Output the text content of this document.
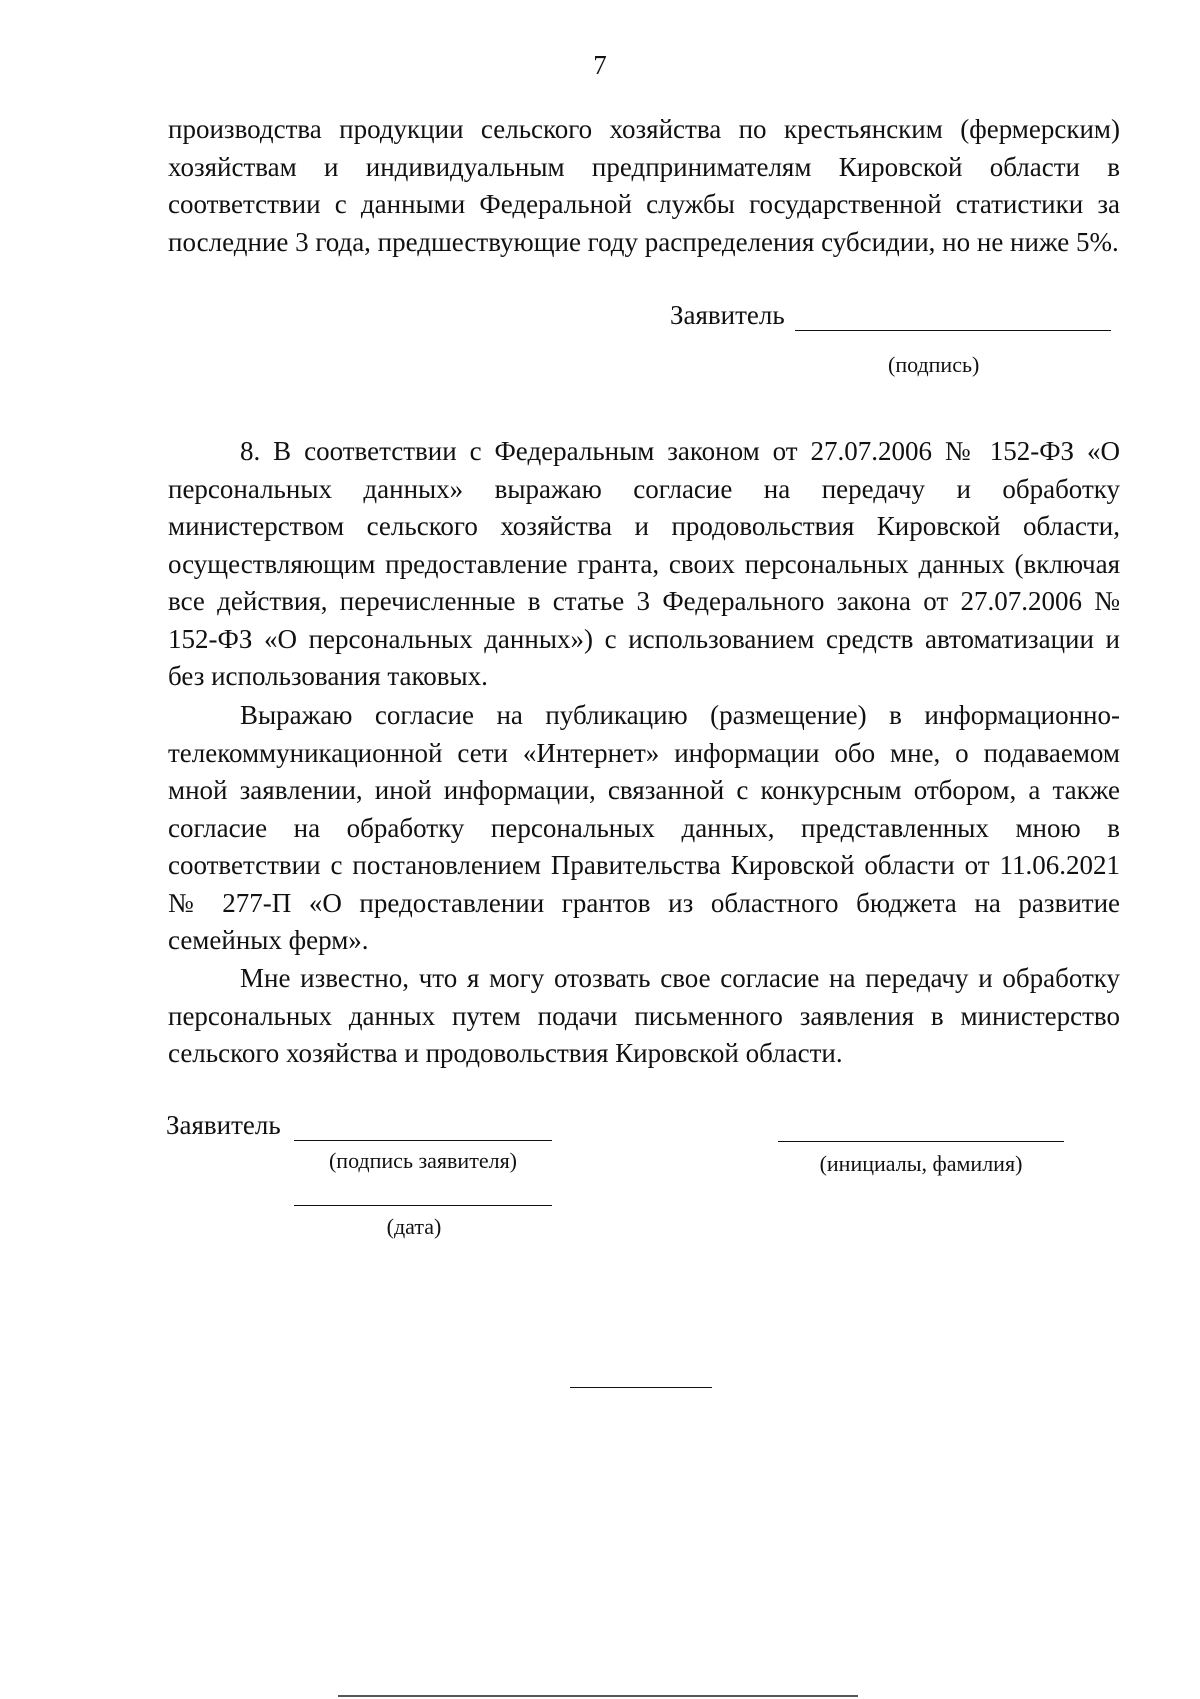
7

производства продукции сельского хозяйства по крестьянским (фермерским) хозяйствам и индивидуальным предпринимателям Кировской области в соответствии с данными Федеральной службы государственной статистики за последние 3 года, предшествующие году распределения субсидии, но не ниже 5%.

Заявитель
(подпись)

8. В соответствии с Федеральным законом от 27.07.2006 № 152-ФЗ «О персональных данных» выражаю согласие на передачу и обработку министерством сельского хозяйства и продовольствия Кировской области, осуществляющим предоставление гранта, своих персональных данных (включая все действия, перечисленные в статье 3 Федерального закона от 27.07.2006 № 152-ФЗ «О персональных данных») с использованием средств автоматизации и без использования таковых.

Выражаю согласие на публикацию (размещение) в информационно-телекоммуникационной сети «Интернет» информации обо мне, о подаваемом мной заявлении, иной информации, связанной с конкурсным отбором, а также согласие на обработку персональных данных, представленных мною в соответствии с постановлением Правительства Кировской области от 11.06.2021 № 277-П «О предоставлении грантов из областного бюджета на развитие семейных ферм».

Мне известно, что я могу отозвать свое согласие на передачу и обработку персональных данных путем подачи письменного заявления в министерство сельского хозяйства и продовольствия Кировской области.

Заявитель
(подпись заявителя)	(инициалы, фамилия)
(дата)
